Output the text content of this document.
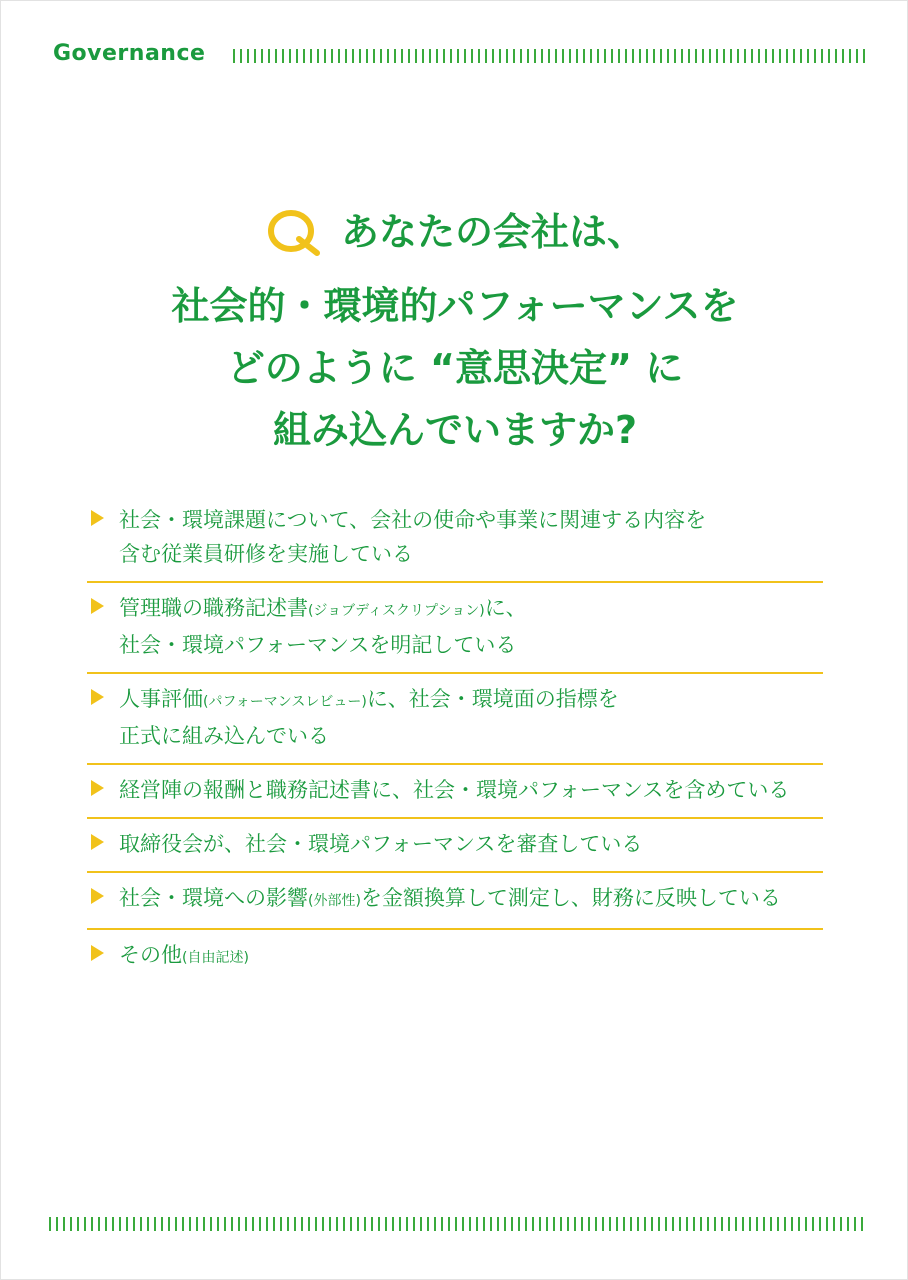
Governance
あなたの会社は、
社会的・環境的パフォーマンスを
どのように “意思決定” に
組み込んでいますか?
社会・環境課題について、会社の使命や事業に関連する内容を
含む従業員研修を実施している
管理職の職務記述書(ジョブディスクリプション)に、
社会・環境パフォーマンスを明記している
人事評価(パフォーマンスレビュー)に、社会・環境面の指標を
正式に組み込んでいる
経営陣の報酬と職務記述書に、社会・環境パフォーマンスを含めている
取締役会が、社会・環境パフォーマンスを審査している
社会・環境への影響(外部性)を金額換算して測定し、財務に反映している
その他(自由記述)
